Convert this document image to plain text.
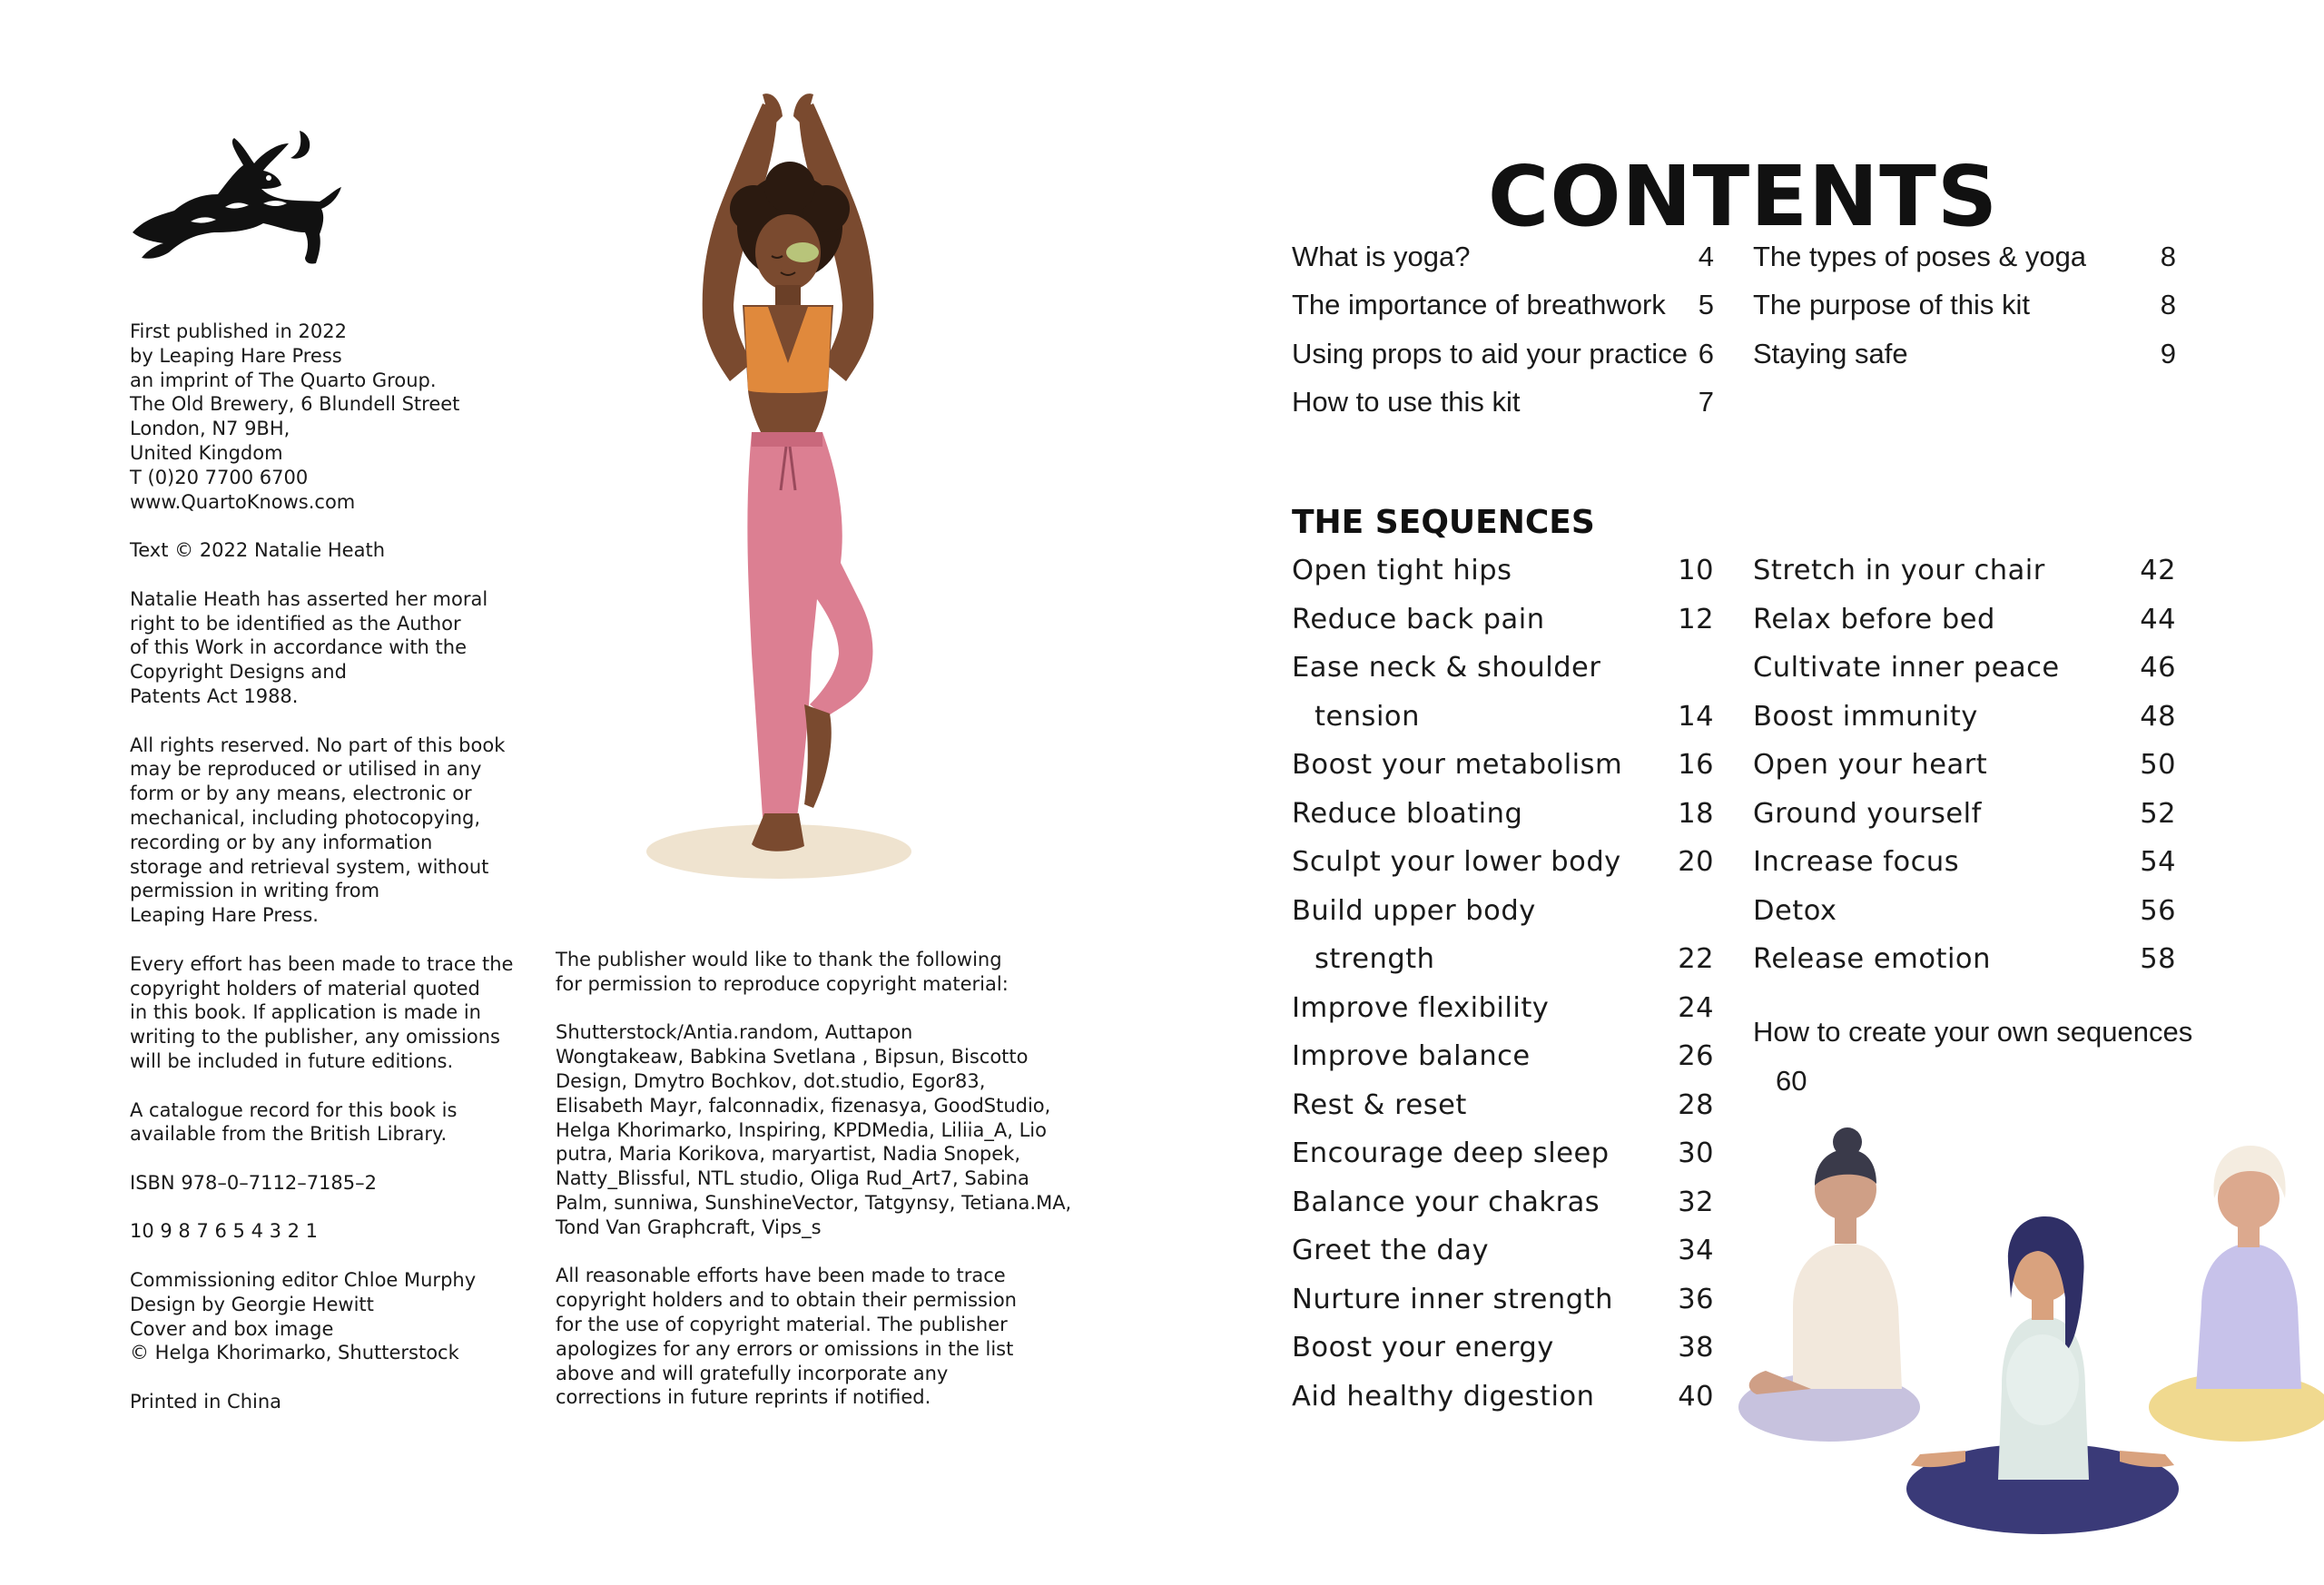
First published in 2022
by Leaping Hare Press
an imprint of The Quarto Group.
The Old Brewery, 6 Blundell Street
London, N7 9BH,
United Kingdom
T (0)20 7700 6700
www.QuartoKnows.com

Text © 2022 Natalie Heath

Natalie Heath has asserted her moral
right to be identified as the Author
of this Work in accordance with the
Copyright Designs and
Patents Act 1988.

All rights reserved. No part of this book
may be reproduced or utilised in any
form or by any means, electronic or
mechanical, including photocopying,
recording or by any information
storage and retrieval system, without
permission in writing from
Leaping Hare Press.

Every effort has been made to trace the
copyright holders of material quoted
in this book. If application is made in
writing to the publisher, any omissions
will be included in future editions.

A catalogue record for this book is
available from the British Library.

ISBN 978–0–7112–7185–2

10 9 8 7 6 5 4 3 2 1

Commissioning editor Chloe Murphy
Design by Georgie Hewitt
Cover and box image
© Helga Khorimarko, Shutterstock

Printed in China

The publisher would like to thank the following
for permission to reproduce copyright material:

Shutterstock/Antia.random, Auttapon
Wongtakeaw, Babkina Svetlana , Bipsun, Biscotto
Design, Dmytro Bochkov, dot.studio, Egor83,
Elisabeth Mayr, falconnadix, fizenasya, GoodStudio,
Helga Khorimarko, Inspiring, KPDMedia, Liliia_A, Lio
putra, Maria Korikova, maryartist, Nadia Snopek,
Natty_Blissful, NTL studio, Oliga Rud_Art7, Sabina
Palm, sunniwa, SunshineVector, Tatgynsy, Tetiana.MA,
Tond Van Graphcraft, Vips_s

All reasonable efforts have been made to trace
copyright holders and to obtain their permission
for the use of copyright material. The publisher
apologizes for any errors or omissions in the list
above and will gratefully incorporate any
corrections in future reprints if notified.

CONTENTS
What is yoga?	4
The importance of breathwork 5
Using props to aid your practice 6
How to use this kit	7
The types of poses & yoga	8
The purpose of this kit	8
Staying safe	9
THE SEQUENCES
Open tight hips	10
Reduce back pain	12
Ease neck & shoulder
tension	14
Boost your metabolism 16
Reduce bloating	18
Sculpt your lower body 20
Build upper body
strength	22
Improve flexibility	24
Improve balance	26
Rest & reset	28
Encourage deep sleep 30
Balance your chakras	32
Greet the day	34
Nurture inner strength 36
Boost your energy	38
Aid healthy digestion	40
Stretch in your chair	42
Relax before bed	44
Cultivate inner peace	46
Boost immunity	48
Open your heart	50
Ground yourself	52
Increase focus	54
Detox	56
Release emotion	58
How to create your own sequences
60
